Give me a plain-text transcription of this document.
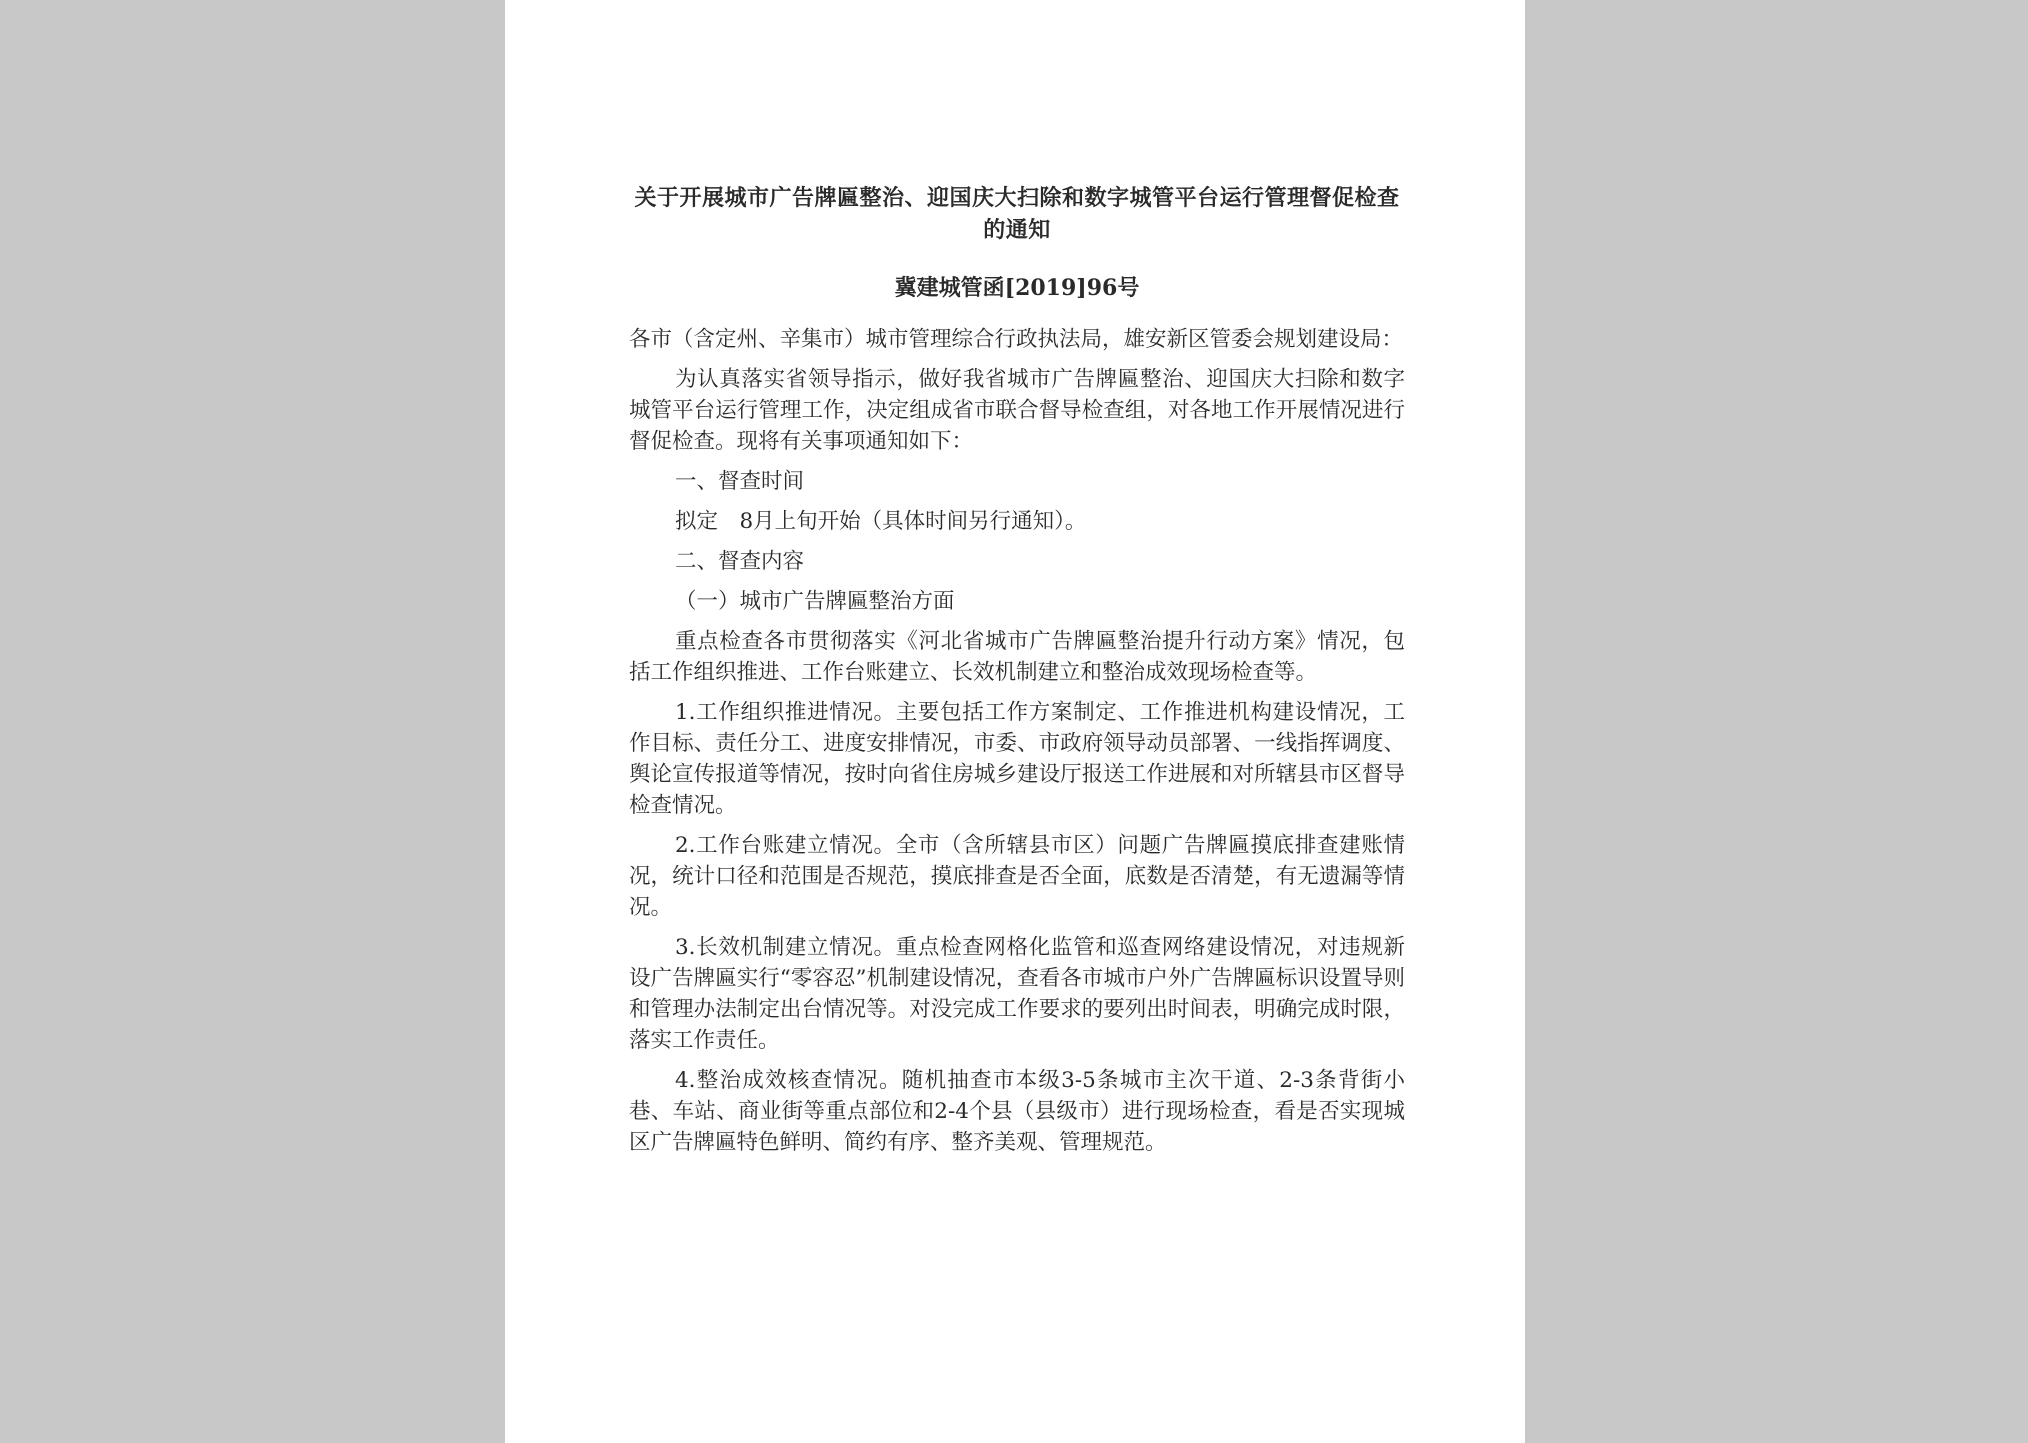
关于开展城市广告牌匾整治、迎国庆大扫除和数字城管平台运行管理督促检查的通知
冀建城管函[2019]96号
各市（含定州、辛集市）城市管理综合行政执法局，雄安新区管委会规划建设局：
为认真落实省领导指示，做好我省城市广告牌匾整治、迎国庆大扫除和数字城管平台运行管理工作，决定组成省市联合督导检查组，对各地工作开展情况进行督促检查。现将有关事项通知如下：
一、督查时间
拟定　8月上旬开始（具体时间另行通知）。
二、督查内容
（一）城市广告牌匾整治方面
重点检查各市贯彻落实《河北省城市广告牌匾整治提升行动方案》情况，包括工作组织推进、工作台账建立、长效机制建立和整治成效现场检查等。
1.工作组织推进情况。主要包括工作方案制定、工作推进机构建设情况，工作目标、责任分工、进度安排情况，市委、市政府领导动员部署、一线指挥调度、舆论宣传报道等情况，按时向省住房城乡建设厅报送工作进展和对所辖县市区督导检查情况。
2.工作台账建立情况。全市（含所辖县市区）问题广告牌匾摸底排查建账情况，统计口径和范围是否规范，摸底排查是否全面，底数是否清楚，有无遗漏等情况。
3.长效机制建立情况。重点检查网格化监管和巡查网络建设情况，对违规新设广告牌匾实行“零容忍”机制建设情况，查看各市城市户外广告牌匾标识设置导则和管理办法制定出台情况等。对没完成工作要求的要列出时间表，明确完成时限，落实工作责任。
4.整治成效核查情况。随机抽查市本级3-5条城市主次干道、2-3条背街小巷、车站、商业街等重点部位和2-4个县（县级市）进行现场检查，看是否实现城区广告牌匾特色鲜明、简约有序、整齐美观、管理规范。
